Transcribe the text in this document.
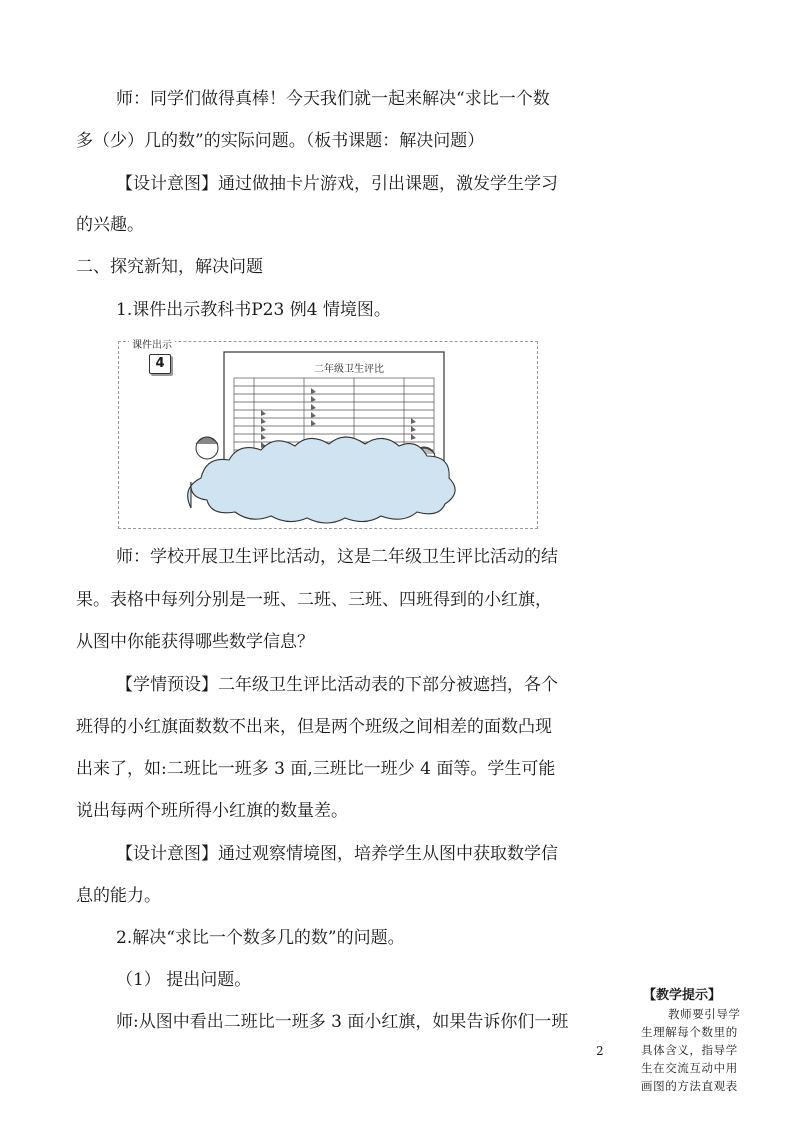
师：同学们做得真棒！今天我们就一起来解决“求比一个数
多（少）几的数”的实际问题。（板书课题：解决问题）
【设计意图】通过做抽卡片游戏，引出课题，激发学生学习
的兴趣。
二、探究新知，解决问题
1.课件出示教科书P23 例4 情境图。
课件出示
4	二年级卫生评比
师：学校开展卫生评比活动，这是二年级卫生评比活动的结
果。表格中每列分别是一班、二班、三班、四班得到的小红旗，
从图中你能获得哪些数学信息？
【学情预设】二年级卫生评比活动表的下部分被遮挡，各个
班得的小红旗面数数不出来，但是两个班级之间相差的面数凸现
出来了，如:二班比一班多 3 面,三班比一班少 4 面等。学生可能
说出每两个班所得小红旗的数量差。
【设计意图】通过观察情境图，培养学生从图中获取数学信
息的能力。
2.解决“求比一个数多几的数”的问题。
（1） 提出问题。
师:从图中看出二班比一班多 3 面小红旗，如果告诉你们一班
2
【教学提示】
教师要引导学
生理解每个数里的
具体含义，指导学
生在交流互动中用
画图的方法直观表
